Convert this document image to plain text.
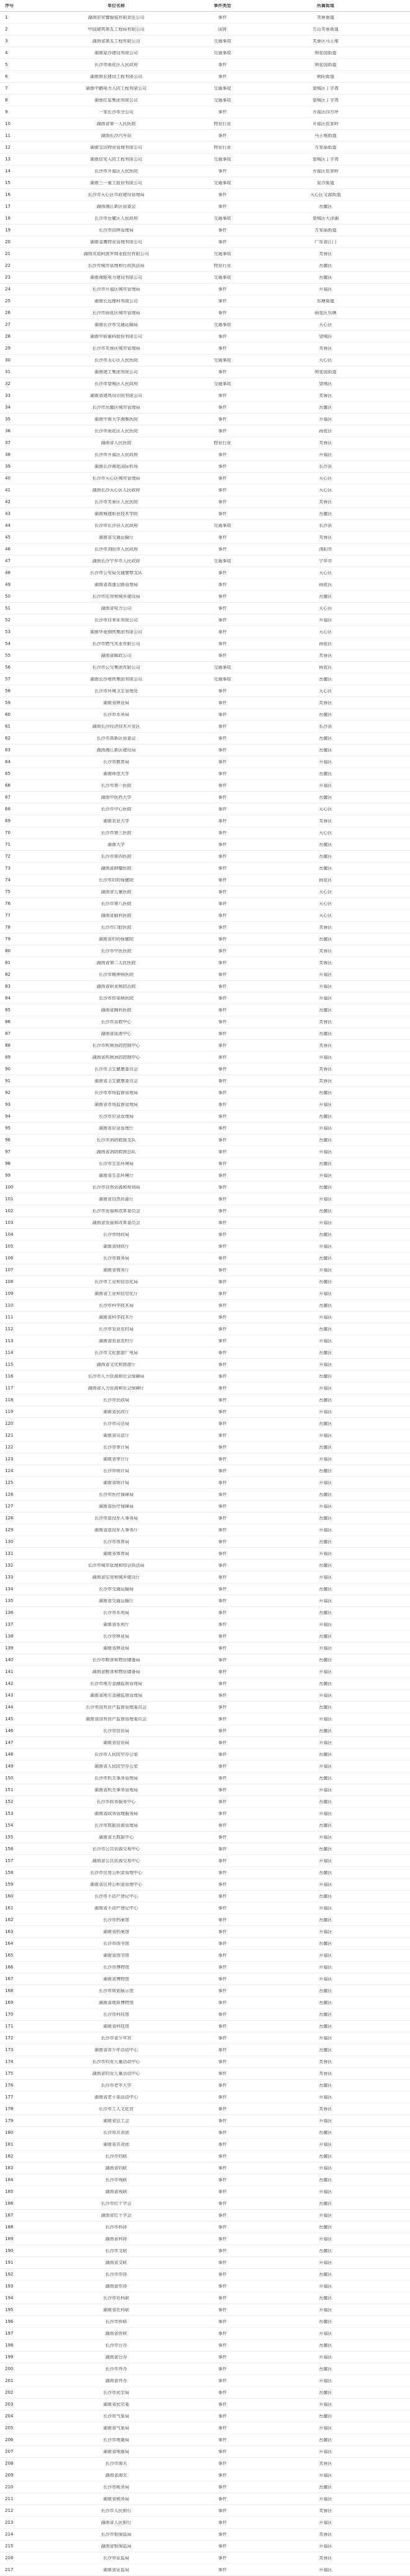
序号	单位名称	事件类型	所属街道
1	湖南宏安警服装有限责任公司	事件	芙蓉街道
2	中国建筑第五工程局有限公司	国营	万山芙蓉街道
3	湖南省第五工程有限公司	交通事故	芙蓉区马王堆
4	湖南星沙建设有限公司	交通事故	荷花园街道
5	长沙市雨花区人民政府	事件	荷花园街道
6	湖南银宏建设工程有限公司	事件	朝阳街道
7	湖南中鹏电力人防工程有限公司	交通事故	望城区丁字湾
8	湖南红星集团有限公司	交通事故	望城区丁字湾
9	一家长沙市分公司	事件	开福区四方坪
10	湖南省第一人民医院	物业行业	开福区伍家岭
11	湖南长沙汽车站	事件	马王堆街道
12	湖南宝达物业管理有限公司	物业行业	万家丽街道
13	湖南信安人防工程有限公司	交通事故	望城区丁字湾
14	长沙市开福区人民医院	事件	开福区伍家岭
15	湖南三一重工股份有限公司	交通事故	星沙街道
16	长沙市天心区市政建设管理局	事件	天心区文源街道
17	湖南湘江新区管委会	事件	岳麓区
18	长沙市岳麓区人民政府	交通事故	望城区大泽湖
19	长沙市园林管理局	事件	万家丽街道
20	湖南金鹰物业管理有限公司	事件	广东省江门
21	湖南友谊阿波罗商业股份有限公司	交通事故	芙蓉区
22	长沙市城市管理和行政执法局	物业行业	岳麓区
23	湖南湘能电力建设有限公司	交通事故	岳麓区
24	长沙市开福区城市管理局	事件	开福区
25	湖南长远锂科有限公司	事件	东塘街道
26	长沙市雨花区城市管理局	事件	雨花区东塘
27	湖南长沙市交通运输局	交通事故	天心区
28	湖南中联重科股份有限公司	事件	望城区
29	长沙市芙蓉区城市管理局	事件	芙蓉区
30	长沙市天心区人民医院	交通事故	天心区
31	湖南建工集团有限公司	事件	荷花园街道
32	长沙市望城区人民政府	交通事故	望城区
33	湖南省建筑设计院有限公司	事件	芙蓉区
34	长沙市岳麓区城市管理局	事件	岳麓区
35	湖南中南大学湘雅医院	事件	开福区
36	长沙市雨花区人民医院	事件	雨花区
37	湖南省人民医院	物业行业	芙蓉区
38	长沙市开福区人民政府	事件	开福区
39	湖南长沙黄花国际机场	事件	长沙县
40	长沙市天心区城市管理局	事件	天心区
41	湖南长沙天心区人民政府	事件	天心区
42	长沙市芙蓉区人民医院	事件	芙蓉区
43	湖南城建职业技术学院	事件	岳麓区
44	长沙市长沙县人民政府	交通事故	长沙县
45	湖南省交通运输厅	事件	芙蓉区
46	长沙市浏阳市人民政府	事件	浏阳市
47	湖南长沙宁乡市人民政府	交通事故	宁乡市
48	长沙市公安局交通警察支队	事件	天心区
49	湖南省高速公路管理局	事件	雨花区
50	长沙市住房和城乡建设局	事件	岳麓区
51	湖南省电力公司	事件	天心区
52	长沙市自来水有限公司	事件	开福区
53	湖南华菱钢铁集团有限公司	事件	天心区
54	长沙市燃气实业有限公司	事件	雨花区
55	湖南省邮政公司	事件	芙蓉区
56	长沙市公交集团有限公司	交通事故	雨花区
57	湖南长沙地铁集团有限公司	交通事故	岳麓区
58	长沙市环境卫生管理处	事件	天心区
59	湖南省林业局	事件	芙蓉区
60	长沙市水务局	事件	岳麓区
61	湖南长沙经济技术开发区	事件	长沙县
62	长沙市高新区管委会	事件	岳麓区
63	湖南湘江新区建设局	事件	岳麓区
64	长沙市教育局	事件	开福区
65	湖南师范大学	事件	岳麓区
66	长沙市第一医院	事件	开福区
67	湖南中医药大学	事件	岳麓区
68	长沙市中心医院	事件	天心区
69	湖南农业大学	事件	芙蓉区
70	长沙市第三医院	事件	天心区
71	湖南大学	事件	岳麓区
72	长沙市第四医院	事件	岳麓区
73	湖南省肿瘤医院	事件	岳麓区
74	长沙市妇幼保健院	事件	雨花区
75	湖南省儿童医院	事件	天心区
76	长沙市第八医院	事件	天心区
77	湖南省脑科医院	事件	天心区
78	长沙市口腔医院	事件	芙蓉区
79	湖南省妇幼保健院	事件	岳麓区
80	长沙市中医医院	事件	芙蓉区
81	湖南省第二人民医院	事件	芙蓉区
82	长沙市精神病医院	事件	开福区
83	湖南省职业病防治院	事件	开福区
84	长沙市传染病医院	事件	开福区
85	湖南省胸科医院	事件	岳麓区
86	长沙市急救中心	事件	芙蓉区
87	湖南省血液中心	事件	岳麓区
88	长沙市疾病预防控制中心	事件	芙蓉区
89	湖南省疾病预防控制中心	事件	开福区
90	长沙市卫生健康委员会	事件	芙蓉区
91	湖南省卫生健康委员会	事件	芙蓉区
92	长沙市市场监督管理局	事件	岳麓区
93	湖南省市场监督管理局	事件	开福区
94	长沙市应急管理局	事件	岳麓区
95	湖南省应急管理厅	事件	开福区
96	长沙市消防救援支队	事件	岳麓区
97	湖南省消防救援总队	事件	开福区
98	长沙市生态环境局	事件	岳麓区
99	湖南省生态环境厅	事件	开福区
100	长沙市自然资源和规划局	事件	岳麓区
101	湖南省自然资源厅	事件	开福区
102	长沙市发展和改革委员会	事件	岳麓区
103	湖南省发展和改革委员会	事件	开福区
104	长沙市财政局	事件	岳麓区
105	湖南省财政厅	事件	开福区
106	长沙市商务局	事件	岳麓区
107	湖南省商务厅	事件	开福区
108	长沙市工业和信息化局	事件	岳麓区
109	湖南省工业和信息化厅	事件	开福区
110	长沙市科学技术局	事件	岳麓区
111	湖南省科学技术厅	事件	开福区
112	长沙市农业农村局	事件	岳麓区
113	湖南省农业农村厅	事件	开福区
114	长沙市文化旅游广电局	事件	岳麓区
115	湖南省文化和旅游厅	事件	开福区
116	长沙市人力资源和社会保障局	事件	岳麓区
117	湖南省人力资源和社会保障厅	事件	开福区
118	长沙市民政局	事件	岳麓区
119	湖南省民政厅	事件	开福区
120	长沙市司法局	事件	岳麓区
121	湖南省司法厅	事件	开福区
122	长沙市审计局	事件	岳麓区
123	湖南省审计厅	事件	开福区
124	长沙市统计局	事件	岳麓区
125	湖南省统计局	事件	开福区
126	长沙市医疗保障局	事件	岳麓区
127	湖南省医疗保障局	事件	开福区
128	长沙市退役军人事务局	事件	岳麓区
129	湖南省退役军人事务厅	事件	开福区
130	长沙市体育局	事件	岳麓区
131	湖南省体育局	事件	开福区
132	长沙市城市管理和综合执法局	事件	岳麓区
133	湖南省住房和城乡建设厅	事件	开福区
134	长沙市交通运输局	事件	岳麓区
135	湖南省交通运输厅	事件	开福区
136	长沙市水利局	事件	岳麓区
137	湖南省水利厅	事件	开福区
138	长沙市林业局	事件	岳麓区
139	湖南省林业局	事件	开福区
140	长沙市粮食和物资储备局	事件	岳麓区
141	湖南省粮食和物资储备局	事件	开福区
142	长沙市地方金融监督管理局	事件	岳麓区
143	湖南省地方金融监督管理局	事件	开福区
144	长沙市国有资产监督管理委员会	事件	岳麓区
145	湖南省国有资产监督管理委员会	事件	开福区
146	长沙市信访局	事件	岳麓区
147	湖南省信访局	事件	开福区
148	长沙市人民防空办公室	事件	岳麓区
149	湖南省人民防空办公室	事件	开福区
150	长沙市机关事务管理局	事件	岳麓区
151	湖南省机关事务管理局	事件	开福区
152	长沙市政务服务中心	事件	岳麓区
153	湖南省政务管理服务局	事件	开福区
154	长沙市数据资源管理局	事件	岳麓区
155	湖南省大数据中心	事件	开福区
156	长沙市公共资源交易中心	事件	岳麓区
157	湖南省公共资源交易中心	事件	开福区
158	长沙市住房公积金管理中心	事件	岳麓区
159	湖南省住房公积金管理中心	事件	开福区
160	长沙市不动产登记中心	事件	岳麓区
161	湖南省不动产登记中心	事件	开福区
162	长沙市档案馆	事件	岳麓区
163	湖南省档案馆	事件	开福区
164	长沙市图书馆	事件	岳麓区
165	湖南省图书馆	事件	开福区
166	长沙市博物馆	事件	开福区
167	湖南省博物馆	事件	开福区
168	长沙市规划展示馆	事件	岳麓区
169	湖南省地质博物馆	事件	岳麓区
170	长沙市科技馆	事件	岳麓区
171	湖南省科技馆	事件	岳麓区
172	长沙市青少年宫	事件	开福区
173	湖南省青少年活动中心	事件	岳麓区
174	长沙市妇女儿童活动中心	事件	芙蓉区
175	湖南省妇女儿童活动中心	事件	芙蓉区
176	长沙市老年大学	事件	岳麓区
177	湖南省老干部活动中心	事件	开福区
178	长沙市工人文化宫	事件	芙蓉区
179	湖南省总工会	事件	开福区
180	长沙市共青团	事件	岳麓区
181	湖南省共青团	事件	开福区
182	长沙市妇联	事件	岳麓区
183	湖南省妇联	事件	开福区
184	长沙市残联	事件	岳麓区
185	湖南省残联	事件	开福区
186	长沙市红十字会	事件	岳麓区
187	湖南省红十字会	事件	开福区
188	长沙市科协	事件	岳麓区
189	湖南省科协	事件	开福区
190	长沙市文联	事件	岳麓区
191	湖南省文联	事件	开福区
192	长沙市作协	事件	岳麓区
193	湖南省作协	事件	开福区
194	长沙市社科联	事件	岳麓区
195	湖南省社科联	事件	开福区
196	长沙市侨联	事件	岳麓区
197	湖南省侨联	事件	开福区
198	长沙市台办	事件	岳麓区
199	湖南省台办	事件	开福区
200	长沙市外办	事件	岳麓区
201	湖南省外办	事件	开福区
202	长沙市民宗局	事件	岳麓区
203	湖南省民宗委	事件	开福区
204	长沙市气象局	事件	岳麓区
205	湖南省气象局	事件	开福区
206	长沙市地震局	事件	岳麓区
207	湖南省地震局	事件	开福区
208	长沙市海关	事件	芙蓉区
209	湖南省海关	事件	开福区
210	长沙市税务局	事件	岳麓区
211	湖南省税务局	事件	开福区
212	长沙市人民银行	事件	芙蓉区
213	湖南省人民银行	事件	开福区
214	长沙市银保监局	事件	芙蓉区
215	湖南省银保监局	事件	开福区
216	长沙市证监局	事件	芙蓉区
217	湖南省证监局	事件	开福区
